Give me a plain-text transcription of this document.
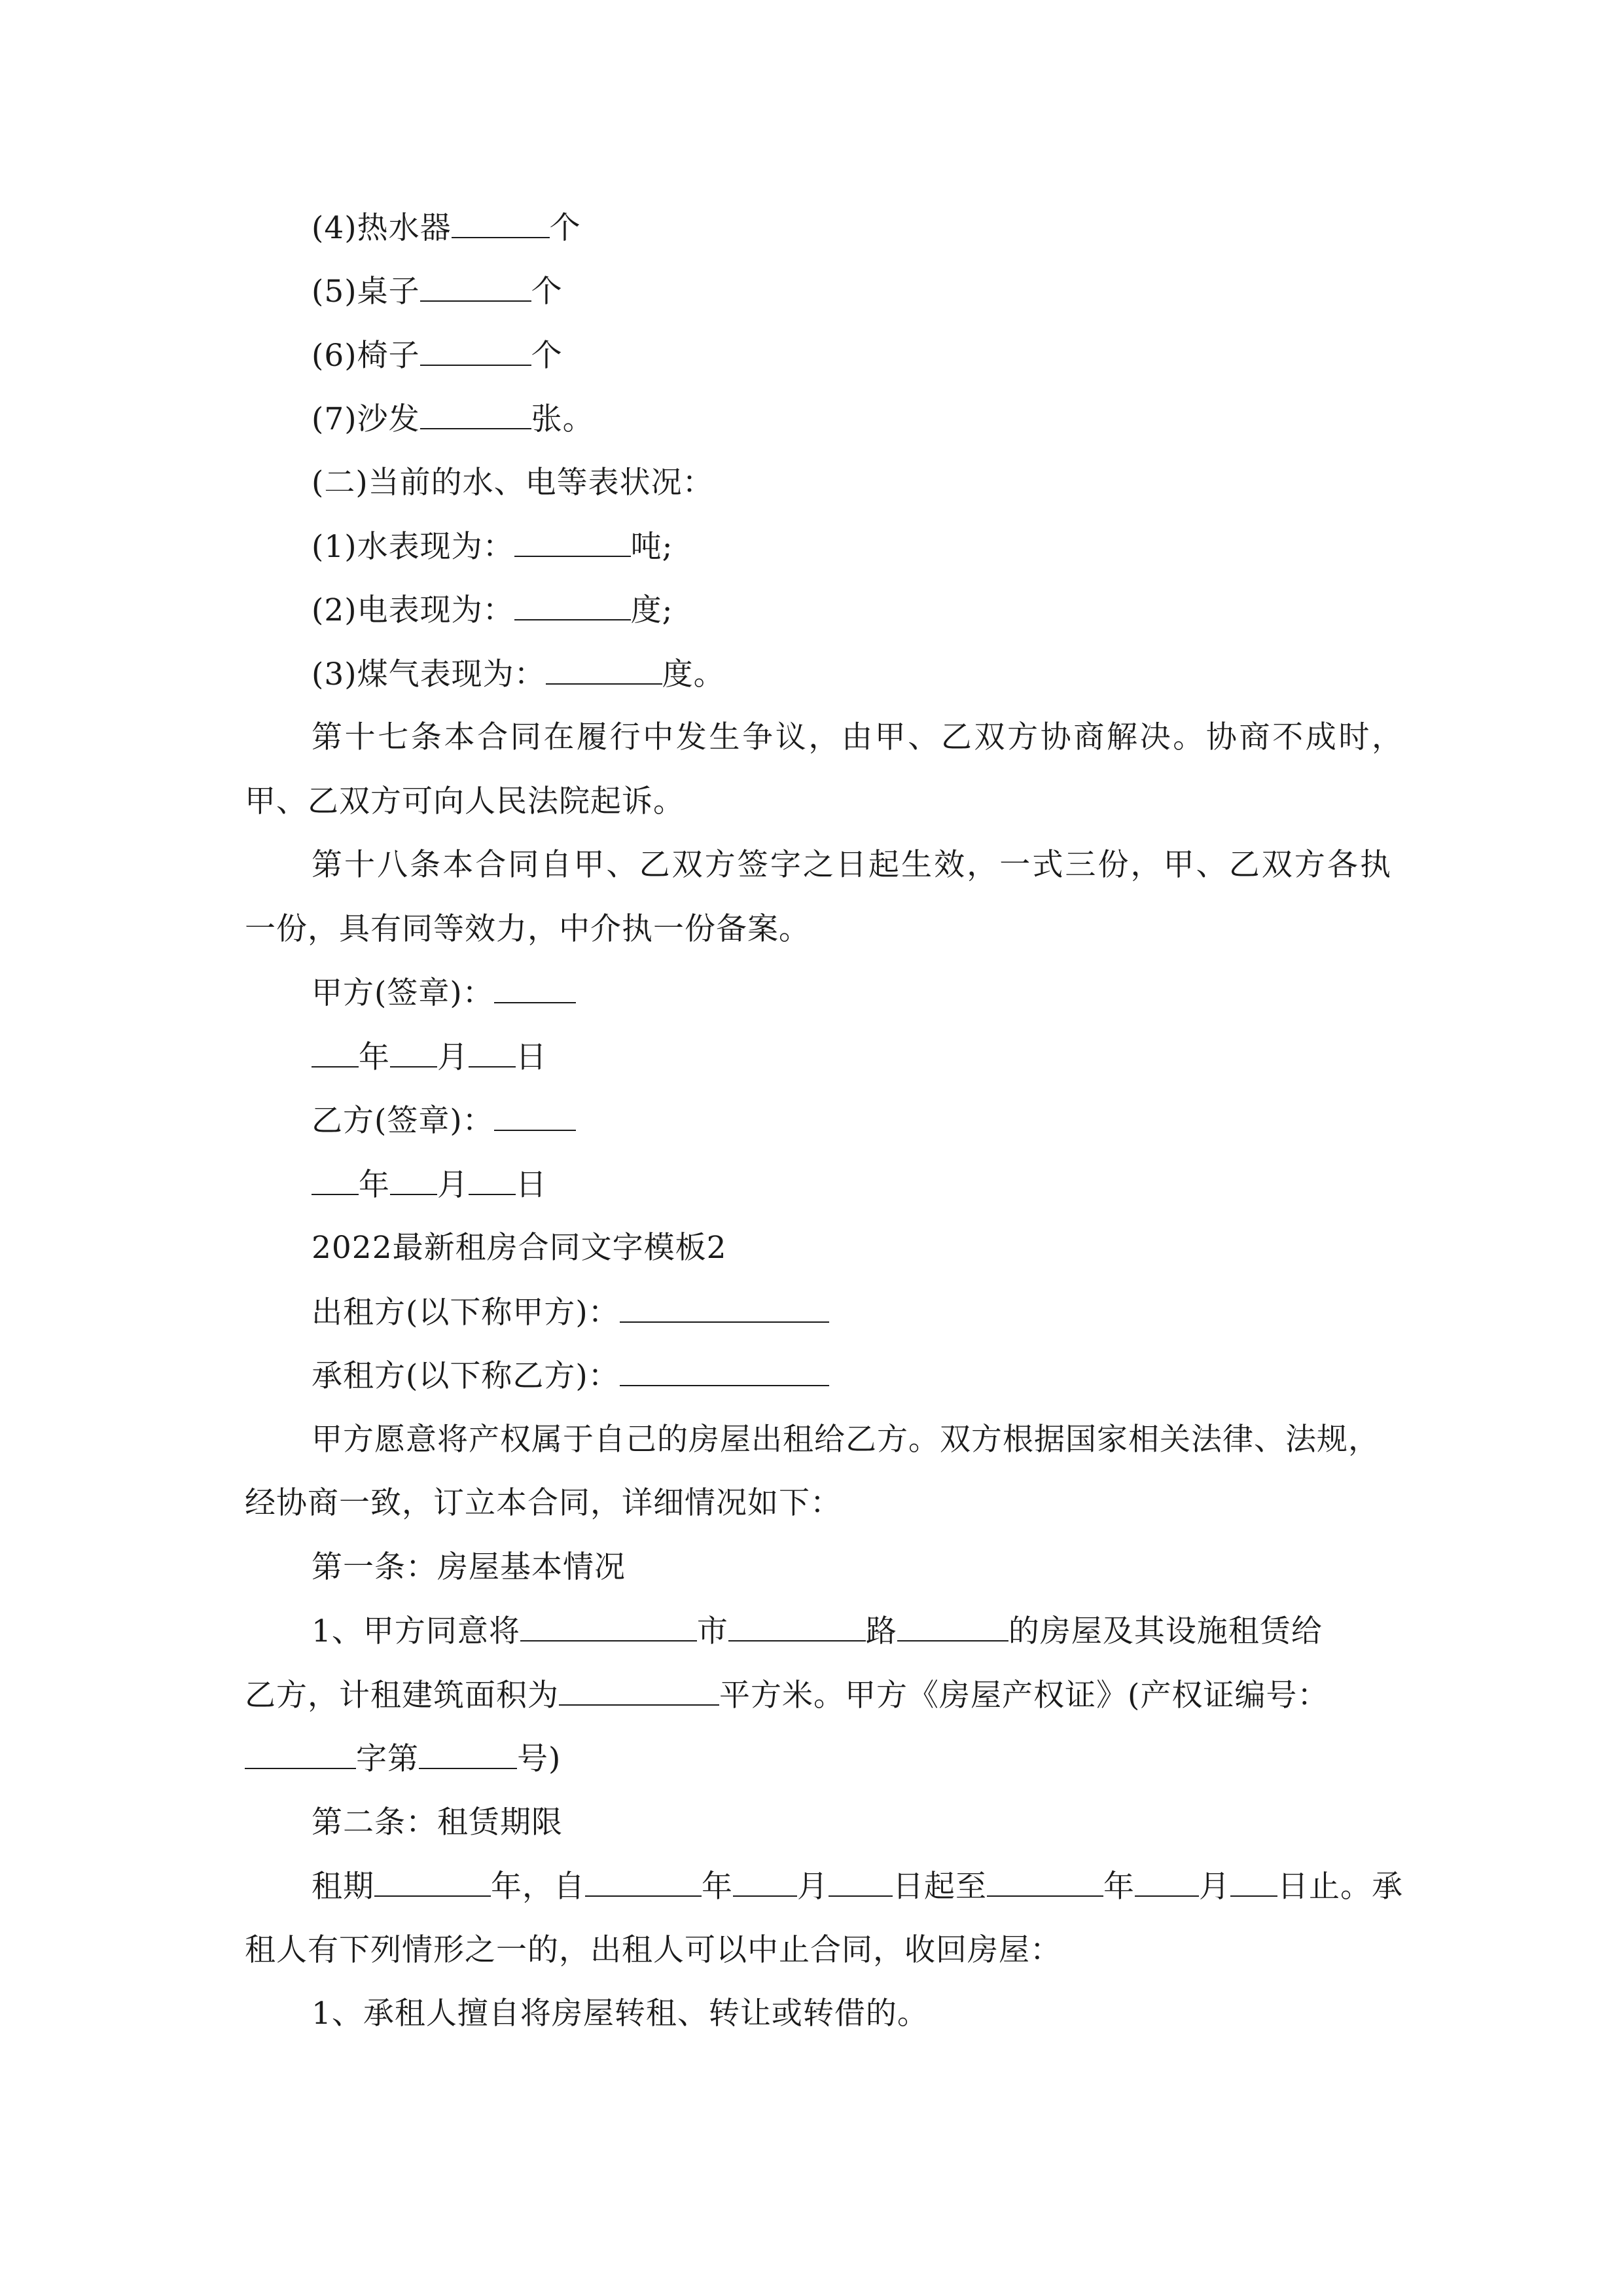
(4)热水器	个
(5)桌子	个
(6)椅子	个
(7)沙发	张。
(二)当前的水、电等表状况：
(1)水表现为：	吨;
(2)电表现为：	度;
(3)煤气表现为：	度。
第十七条本合同在履行中发生争议，由甲、乙双方协商解决。协商不成时，
甲、乙双方可向人民法院起诉。
第十八条本合同自甲、乙双方签字之日起生效，一式三份，甲、乙双方各执
一份，具有同等效力，中介执一份备案。
甲方(签章)：
年 月 日
乙方(签章)：
年 月 日
2022最新租房合同文字模板2
出租方(以下称甲方)：
承租方(以下称乙方)：
甲方愿意将产权属于自己的房屋出租给乙方。双方根据国家相关法律、法规，
经协商一致，订立本合同，详细情况如下：
第一条：房屋基本情况
1、甲方同意将	市	路	的房屋及其设施租赁给
乙方，计租建筑面积为	平方米。甲方《房屋产权证》(产权证编号：
字第	号)
第二条：租赁期限
租期	年，自	年 月 日起至	年 月 日止。承
租人有下列情形之一的，出租人可以中止合同，收回房屋：
1、承租人擅自将房屋转租、转让或转借的。
